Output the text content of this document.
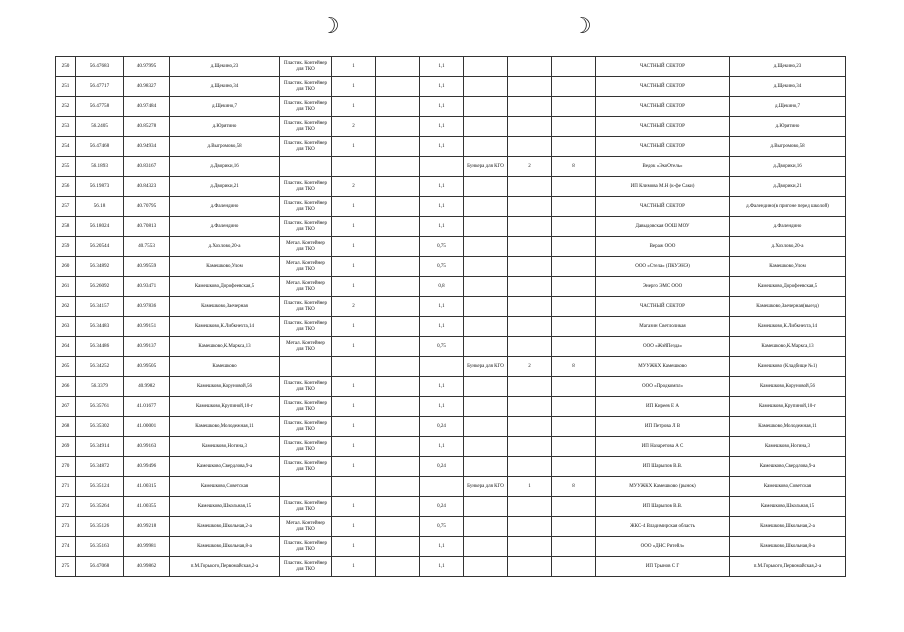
☽	☽
250	56.47683	40.97995	д.Щекино,23	Пластик. Контейнер для ТКО	1		1,1				ЧАСТНЫЙ СЕКТОР	д.Щекино,23
251	56.47717	40.98327	д.Щекино,34	Пластик. Контейнер для ТКО	1		1,1				ЧАСТНЫЙ СЕКТОР	д.Щекино,34
252	56.47758	40.97484	д.Щекино,7	Пластик. Контейнер для ТКО	1		1,1				ЧАСТНЫЙ СЕКТОР	д.Щекино,7
253	56.2405	40.85278	д.Юрятино	Пластик. Контейнер для ТКО	2		1,1				ЧАСТНЫЙ СЕКТОР	д.Юрятино
254	56.47468	40.94934	д.Выгромово,58	Пластик. Контейнер для ТКО	1		1,1				ЧАСТНЫЙ СЕКТОР	д.Выгромово,58
255	56.1893	40.83167	д.Дворики,16					Бункера для КГО	2	8	Ведок «ЭкоОтель»	д.Дворики,16
256	56.19873	40.84323	д.Дворики,21	Пластик. Контейнер для ТКО	2		1,1				ИП Климова М.Н (к-фе Саки)	д.Дворики,21
257	56.18	40.70795	д.Фалендино	Пластик. Контейнер для ТКО	1		1,1				ЧАСТНЫЙ СЕКТОР	д.Фалендино(в пригоне перед школой)
258	56.18024	40.70813	д.Фалендино	Пластик. Контейнер для ТКО	1		1,1				Давыдовская ООШ МОУ	д.Фалендино
259	56.20544	40.7553	д.Хохлово,20-а	Метал. Контейнер для ТКО	1		0,75				Вераж ООО	д.Хохлово,20-а
260	56.34892	40.99559	Камешково,Улом	Метал. Контейнер для ТКО	1		0,75				ООО «Стела» (ПКУЭНЭ)	Камешково,Улом
261	56.26092	40.93471	Камешково,Дорофеевская,5	Метал. Контейнер для ТКО	1		0,8				Энерго ЭМС ООО	Камешково,Дорофеевская,5
262	56.34157	40.97836	Камешково,Заечерная	Пластик. Контейнер для ТКО	2		1,1				ЧАСТНЫЙ СЕКТОР	Камешково,Заечерная(выезд)
263	56.34483	40.99151	Камешково,К.Либкнехта,14	Пластик. Контейнер для ТКО	1		1,1				Магазин Светлоликая	Камешково,К.Либкнехта,14
264	56.34486	40.99137	Камешково,К.Маркса,13	Метал. Контейнер для ТКО	1		0,75				ООО «ЖэйПезда»	Камешково,К.Маркса,13
265	56.34252	40.99505	Камешково					Бункера для КГО	2	8	МУУЖКХ Камешково	Камешково (Кладбище №1)
266	56.3379	40.9982	Камешково,Коруновой,56	Пластик. Контейнер для ТКО	1		1,1				ООО «Продкомпл»	Камешково,Коруновой,56
267	56.35761	41.01677	Камешково,Крупиной,10-г	Пластик. Контейнер для ТКО	1		1,1				ИП Киреев Е А	Камешково,Крупиной,10-г
268	56.35302	41.00001	Камешково,Молодежная,11	Пластик. Контейнер для ТКО	1		0,24				ИП Петрова Л В	Камешково,Молодежная,11
269	56.34914	40.99163	Камешково,Ногина,3	Пластик. Контейнер для ТКО	1		1,1				ИП Назаретова А С	Камешково,Ногина,3
270	56.34872	40.99496	Камешково,Свердлова,9-а	Пластик. Контейнер для ТКО	1		0,24				ИП Шарыпов В.В.	Камешково,Свердлова,9-а
271	56.35124	41.00315	Камешково,Советская					Бункера для КГО	1	8	МУУЖКХ Камешково (рынок)	Камешково,Советская
272	56.35264	41.00355	Камешково,Школьная,15	Пластик. Контейнер для ТКО	1		0,24				ИП Шарыпов В.В.	Камешково,Школьная,15
273	56.35126	40.99218	Камешково,Школьная,2-а	Метал. Контейнер для ТКО	1		0,75				ЖКС-4 Владимирская область	Камешково,Школьная,2-а
274	56.35163	40.99981	Камешково,Школьная,8-а	Пластик. Контейнер для ТКО	1		1,1				ООО «ДНС Ритейл»	Камешково,Школьная,8-а
275	56.47068	40.99862	п.М.Горького,Первомайская,2-а	Пластик. Контейнер для ТКО	1		1,1				ИП Трынов С Г	п.М.Горького,Первомайская,2-а
